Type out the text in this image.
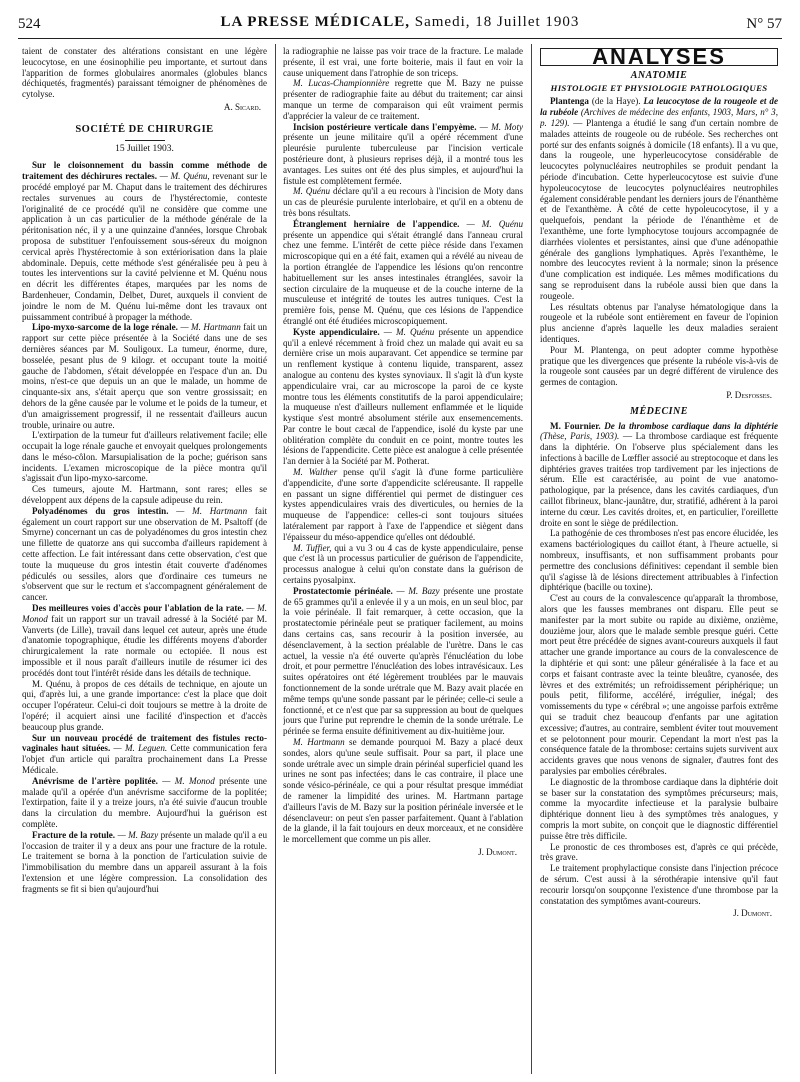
524	LA PRESSE MÉDICALE, Samedi, 18 Juillet 1903	N° 57

taient de constater des altérations consistant en une légère leucocytose, en une éosinophilie peu importante, et surtout dans l'apparition de formes globulaires anormales (globules blancs déchiquetés, fragmentés) paraissant témoigner de phénomènes de cytolyse.

A. Sicard.
SOCIÉTÉ DE CHIRURGIE
15 Juillet 1903.

Sur le cloisonnement du bassin comme méthode de traitement des déchirures rectales. — M. Quénu, revenant sur le procédé employé par M. Chaput dans le traitement des déchirures rectales survenues au cours de l'hystérectomie, conteste l'originalité de ce procédé qu'il ne considère que comme une application à un cas particulier de la méthode générale de la péritonisation néc, il y a une quinzaine d'années, lorsque Chrobak proposa de substituer l'enfouissement sous-séreux du moignon cervical après l'hystérectomie à son extériorisation dans la plaie abdominale. Depuis, cette méthode s'est généralisée peu à peu à toutes les interventions sur la cavité pelvienne et M. Quénu nous en décrit les différentes étapes, marquées par les noms de Bardenheuer, Condamin, Delbet, Duret, auxquels il convient de joindre le nom de M. Quénu lui-même dont les travaux ont puissamment contribué à propager la méthode.

Lipo-myxo-sarcome de la loge rénale. — M. Hartmann fait un rapport sur cette pièce présentée à la Société dans une de ses dernières séances par M. Souligoux. La tumeur, énorme, dure, bosselée, pesant plus de 9 kilogr. et occupant toute la moitié gauche de l'abdomen, s'était développée en l'espace d'un an. Du moins, n'est-ce que depuis un an que le malade, un homme de cinquante-six ans, s'était aperçu que son ventre grossissait; en dehors de la gêne causée par le volume et le poids de la tumeur, et d'un amaigrissement progressif, il ne ressentait d'ailleurs aucun trouble, urinaire ou autre.

L'extirpation de la tumeur fut d'ailleurs relativement facile; elle occupait la loge rénale gauche et envoyait quelques prolongements dans le méso-côlon. Marsupialisation de la poche; guérison sans incidents. L'examen microscopique de la pièce montra qu'il s'agissait d'un lipo-myxo-sarcome.

Ces tumeurs, ajoute M. Hartmann, sont rares; elles se développent aux dépens de la capsule adipeuse du rein.

Polyadénomes du gros intestin. — M. Hartmann fait également un court rapport sur une observation de M. Psaltoff (de Smyrne) concernant un cas de polyadénomes du gros intestin chez une fillette de quatorze ans qui succomba d'ailleurs rapidement à cette affection. Le fait intéressant dans cette observation, c'est que toute la muqueuse du gros intestin était couverte d'adénomes pédiculés ou sessiles, alors que d'ordinaire ces tumeurs ne s'observent que sur le rectum et s'accompagnent généralement de cancer.

Des meilleures voies d'accès pour l'ablation de la rate. — M. Monod fait un rapport sur un travail adressé à la Société par M. Vanverts (de Lille), travail dans lequel cet auteur, après une étude d'anatomie topographique, étudie les différents moyens d'aborder chirurgicalement la rate normale ou ectopiée. Il nous est impossible et il nous paraît d'ailleurs inutile de résumer ici des procédés dont tout l'intérêt réside dans les détails de technique.

M. Quénu, à propos de ces détails de technique, en ajoute un qui, d'après lui, a une grande importance: c'est la place que doit occuper l'opérateur. Celui-ci doit toujours se mettre à la droite de l'opéré; il acquiert ainsi une facilité d'inspection et d'accès beaucoup plus grande.

Sur un nouveau procédé de traitement des fistules recto-vaginales haut situées. — M. Leguen. Cette communication fera l'objet d'un article qui paraîtra prochainement dans La Presse Médicale.

Anévrisme de l'artère poplitée. — M. Monod présente une malade qu'il a opérée d'un anévrisme sacciforme de la poplitée; l'extirpation, faite il y a treize jours, n'a été suivie d'aucun trouble dans la circulation du membre. Aujourd'hui la guérison est complète.

Fracture de la rotule. — M. Bazy présente un malade qu'il a eu l'occasion de traiter il y a deux ans pour une fracture de la rotule. Le traitement se borna à la ponction de l'articulation suivie de l'immobilisation du membre dans un appareil assurant à la fois l'extension et une légère compression. La consolidation des fragments se fit si bien qu'aujourd'hui

la radiographie ne laisse pas voir trace de la fracture. Le malade présente, il est vrai, une forte boiterie, mais il faut en voir la cause uniquement dans l'atrophie de son triceps.

M. Lucas-Championnière regrette que M. Bazy ne puisse présenter de radiographie faite au début du traitement; car ainsi manque un terme de comparaison qui eût vraiment permis d'apprécier la valeur de ce traitement.

Incision postérieure verticale dans l'empyème. — M. Moty présente un jeune militaire qu'il a opéré récemment d'une pleurésie purulente tuberculeuse par l'incision verticale postérieure dont, à plusieurs reprises déjà, il a montré tous les avantages. Les suites ont été des plus simples, et aujourd'hui la fistule est complètement fermée.

M. Quénu déclare qu'il a eu recours à l'incision de Moty dans un cas de pleurésie purulente interlobaire, et qu'il en a obtenu de très bons résultats.

Étranglement herniaire de l'appendice. — M. Quénu présente un appendice qui s'était étranglé dans l'anneau crural chez une femme. L'intérêt de cette pièce réside dans l'examen microscopique qui en a été fait, examen qui a révélé au niveau de la portion étranglée de l'appendice les lésions qu'on rencontre habituellement sur les anses intestinales étranglées, savoir la section circulaire de la muqueuse et de la couche interne de la musculeuse et intégrité de toutes les autres tuniques. C'est la première fois, pense M. Quénu, que ces lésions de l'appendice étranglé ont été étudiées microscopiquement.

Kyste appendiculaire. — M. Quénu présente un appendice qu'il a enlevé récemment à froid chez un malade qui avait eu sa dernière crise un mois auparavant. Cet appendice se termine par un renflement kystique à contenu liquide, transparent, assez analogue au contenu des kystes synoviaux. Il s'agit là d'un kyste appendiculaire vrai, car au microscope la paroi de ce kyste montre tous les éléments constitutifs de la paroi appendiculaire; la muqueuse n'est d'ailleurs nullement enflammée et le liquide kystique s'est montré absolument stérile aux ensemencements. Par contre le bout cæcal de l'appendice, isolé du kyste par une oblitération complète du conduit en ce point, montre toutes les lésions de l'appendicite. Cette pièce est analogue à celle présentée l'an dernier à la Société par M. Potherat.

M. Walther pense qu'il s'agit là d'une forme particulière d'appendicite, d'une sorte d'appendicite scléreusante. Il rappelle en passant un signe différentiel qui permet de distinguer ces kystes appendiculaires vrais des diverticules, ou hernies de la muqueuse de l'appendice: celles-ci sont toujours situées latéralement par rapport à l'axe de l'appendice et siègent dans l'épaisseur du méso-appendice qu'elles ont dédoublé.

M. Tuffier, qui a vu 3 ou 4 cas de kyste appendiculaire, pense que c'est là un processus particulier de guérison de l'appendicite, processus analogue à celui qu'on constate dans la guérison de certains pyosalpinx.

Prostatectomie périnéale. — M. Bazy présente une prostate de 65 grammes qu'il a enlevée il y a un mois, en un seul bloc, par la voie périnéale. Il fait remarquer, à cette occasion, que la prostatectomie périnéale peut se pratiquer facilement, au moins dans certains cas, sans recourir à la position inversée, au désenclavement, à la section préalable de l'urètre. Dans le cas actuel, la vessie n'a été ouverte qu'après l'énucléation du lobe droit, et pour permettre l'énucléation des lobes intravésicaux. Les suites opératoires ont été légèrement troublées par le mauvais fonctionnement de la sonde urétrale que M. Bazy avait placée en même temps qu'une sonde passant par le périnée; celle-ci seule a fonctionné, et ce n'est que par sa suppression au bout de quelques jours que l'urine put reprendre le chemin de la sonde urétrale. Le périnée se ferma ensuite définitivement au dix-huitième jour.

M. Hartmann se demande pourquoi M. Bazy a placé deux sondes, alors qu'une seule suffisait. Pour sa part, il place une sonde urétrale avec un simple drain périnéal superficiel quand les urines ne sont pas infectées; dans le cas contraire, il place une sonde vésico-périnéale, ce qui a pour résultat presque immédiat de ramener la limpidité des urines. M. Hartmann partage d'ailleurs l'avis de M. Bazy sur la position périnéale inversée et le désenclaveur: on peut s'en passer parfaitement. Quant à l'ablation de la glande, il la fait toujours en deux morceaux, et ne considère le morcellement que comme un pis aller.

J. Dumont.
ANALYSES
ANATOMIE
HISTOLOGIE ET PHYSIOLOGIE PATHOLOGIQUES

Plantenga (de la Haye). La leucocytose de la rougeole et de la rubéole (Archives de médecine des enfants, 1903, Mars, n° 3, p. 129). — Plantenga a étudié le sang d'un certain nombre de malades atteints de rougeole ou de rubéole. Ses recherches ont porté sur des enfants soignés à domicile (18 enfants). Il a vu que, dans la rougeole, une hyperleucocytose considérable de leucocytes polynucléaires neutrophiles se produit pendant la période d'incubation. Cette hyperleucocytose est suivie d'une hypoleucocytose de leucocytes polynucléaires neutrophiles également considérable pendant les derniers jours de l'énanthème et de l'exanthème. À côté de cette hypoleucocytose, il y a quelquefois, pendant la période de l'énanthème et de l'exanthème, une forte lymphocytose toujours accompagnée de diarrhées violentes et persistantes, ainsi que d'une adénopathie générale des ganglions lymphatiques. Après l'exanthème, le nombre des leucocytes revient à la normale; sinon la présence d'une complication est indiquée. Les mêmes modifications du sang se reproduisent dans la rubéole aussi bien que dans la rougeole.

Les résultats obtenus par l'analyse hématologique dans la rougeole et la rubéole sont entièrement en faveur de l'opinion plus ancienne d'après laquelle les deux maladies seraient identiques.

Pour M. Plantenga, on peut adopter comme hypothèse pratique que les divergences que présente la rubéole vis-à-vis de la rougeole sont causées par un degré différent de virulence des germes de contagion.

P. Desfosses.
MÉDECINE

M. Fournier. De la thrombose cardiaque dans la diphtérie (Thèse, Paris, 1903). — La thrombose cardiaque est fréquente dans la diphtérie. On l'observe plus spécialement dans les infections à bacille de Lœffler associé au streptocoque et dans les diphtéries graves traitées trop tardivement par les injections de sérum. Elle est caractérisée, au point de vue anatomo-pathologique, par la présence, dans les cavités cardiaques, d'un caillot fibrineux, blanc-jaunâtre, dur, stratifié, adhérent à la paroi interne du cœur. Les cavités droites, et, en particulier, l'oreillette droite en sont le siège de prédilection.

La pathogénie de ces thromboses n'est pas encore élucidée, les examens bactériologiques du caillot étant, à l'heure actuelle, si nombreux, insuffisants, et non suffisamment probants pour permettre des conclusions définitives: cependant il semble bien qu'il s'agisse là de lésions directement attribuables à l'infection diphtérique (bacille ou toxine).

C'est au cours de la convalescence qu'apparaît la thrombose, alors que les fausses membranes ont disparu. Elle peut se manifester par la mort subite ou rapide au dixième, onzième, douzième jour, alors que le malade semble presque guéri. Cette mort peut être précédée de signes avant-coureurs auxquels il faut attacher une grande importance au cours de la convalescence de la diphtérie et qui sont: une pâleur généralisée à la face et au corps et faisant contraste avec la teinte bleuâtre, cyanosée, des lèvres et des extrémités; un refroidissement périphérique; un pouls petit, filiforme, accéléré, irrégulier, inégal; des vomissements du type « cérébral »; une angoisse parfois extrême qui se traduit chez beaucoup d'enfants par une agitation excessive; d'autres, au contraire, semblent éviter tout mouvement et se pelotonnent pour mourir. Cependant la mort n'est pas la conséquence fatale de la thrombose: certains sujets survivent aux accidents graves que nous venons de signaler, d'autres font des paralysies par embolies cérébrales.

Le diagnostic de la thrombose cardiaque dans la diphtérie doit se baser sur la constatation des symptômes précurseurs; mais, comme la myocardite infectieuse et la paralysie bulbaire diphtérique donnent lieu à des symptômes très analogues, y compris la mort subite, on conçoit que le diagnostic différentiel puisse être très difficile.

Le pronostic de ces thromboses est, d'après ce qui précède, très grave.

Le traitement prophylactique consiste dans l'injection précoce de sérum. C'est aussi à la sérothérapie intensive qu'il faut recourir lorsqu'on soupçonne l'existence d'une thrombose par la constatation des symptômes avant-coureurs.

J. Dumont.
